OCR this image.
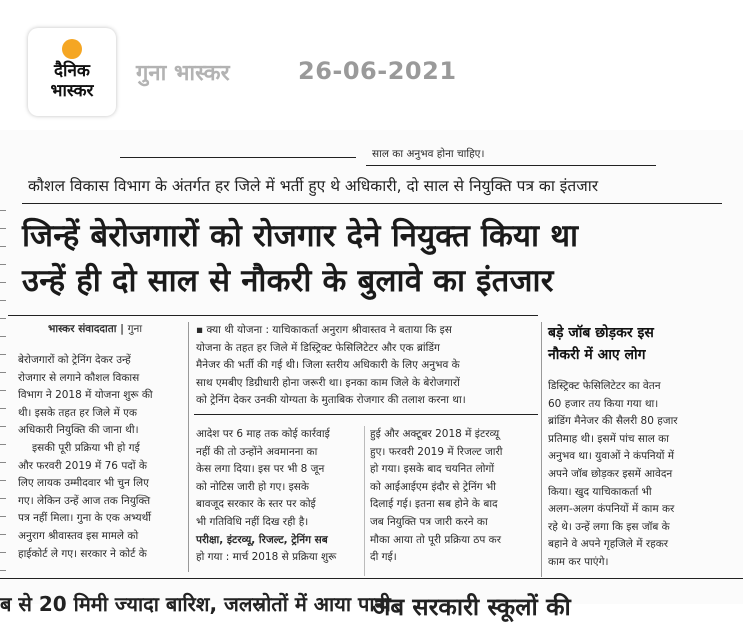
दैनिक
भास्कर
गुना भास्कर	26-06-2021
साल का अनुभव होना चाहिए।
कौशल विकास विभाग के अंतर्गत हर जिले में भर्ती हुए थे अधिकारी, दो साल से नियुक्ति पत्र का इंतजार
जिन्हें बेरोजगारों को रोजगार देने नियुक्त किया था
उन्हें ही दो साल से नौकरी के बुलावे का इंतजार
भास्कर संवाददाता | गुना
बेरोजगारों को ट्रेनिंग देकर उन्हें
रोजगार से लगाने कौशल विकास
विभाग ने 2018 में योजना शुरू की
थी। इसके तहत हर जिले में एक
अधिकारी नियुक्ति की जाना थी।
इसकी पूरी प्रक्रिया भी हो गई
और फरवरी 2019 में 76 पदों के
लिए लायक उम्मीदवार भी चुन लिए
गए। लेकिन उन्हें आज तक नियुक्ति
पत्र नहीं मिला। गुना के एक अभ्यर्थी
अनुराग श्रीवास्तव इस मामले को
हाईकोर्ट ले गए। सरकार ने कोर्ट के
▪ क्या थी योजना : याचिकाकर्ता अनुराग श्रीवास्तव ने बताया कि इस
योजना के तहत हर जिले में डिस्ट्रिक्ट फेसिलिटेटर और एक ब्रांडिंग
मैनेजर की भर्ती की गई थी। जिला स्तरीय अधिकारी के लिए अनुभव के
साथ एमबीए डिग्रीधारी होना जरूरी था। इनका काम जिले के बेरोजगारों
को ट्रेनिंग देकर उनकी योग्यता के मुताबिक रोजगार की तलाश करना था।
आदेश पर 6 माह तक कोई कार्रवाई
नहीं की तो उन्होंने अवमानना का
केस लगा दिया। इस पर भी 8 जून
को नोटिस जारी हो गए। इसके
बावजूद सरकार के स्तर पर कोई
भी गतिविधि नहीं दिख रही है।
परीक्षा, इंटरव्यू, रिजल्ट, ट्रेनिंग सब
हो गया : मार्च 2018 से प्रक्रिया शुरू
हुई और अक्टूबर 2018 में इंटरव्यू
हुए। फरवरी 2019 में रिजल्ट जारी
हो गया। इसके बाद चयनित लोगों
को आईआईएम इंदौर से ट्रेनिंग भी
दिलाई गई। इतना सब होने के बाद
जब नियुक्ति पत्र जारी करने का
मौका आया तो पूरी प्रक्रिया ठप कर
दी गई।
बड़े जॉब छोड़कर इस
नौकरी में आए लोग
डिस्ट्रिक्ट फेसिलिटेटर का वेतन
60 हजार तय किया गया था।
ब्रांडिंग मैनेजर की सैलरी 80 हजार
प्रतिमाह थी। इसमें पांच साल का
अनुभव था। युवाओं ने कंपनियों में
अपने जॉब छोड़कर इसमें आवेदन
किया। खुद याचिकाकर्ता भी
अलग-अलग कंपनियों में काम कर
रहे थे। उन्हें लगा कि इस जॉब के
बहाने वे अपने गृहजिले में रहकर
काम कर पाएंगे।
ब से 20 मिमी ज्यादा बारिश, जलस्रोतों में आया पानी
अब सरकारी स्कूलों की
